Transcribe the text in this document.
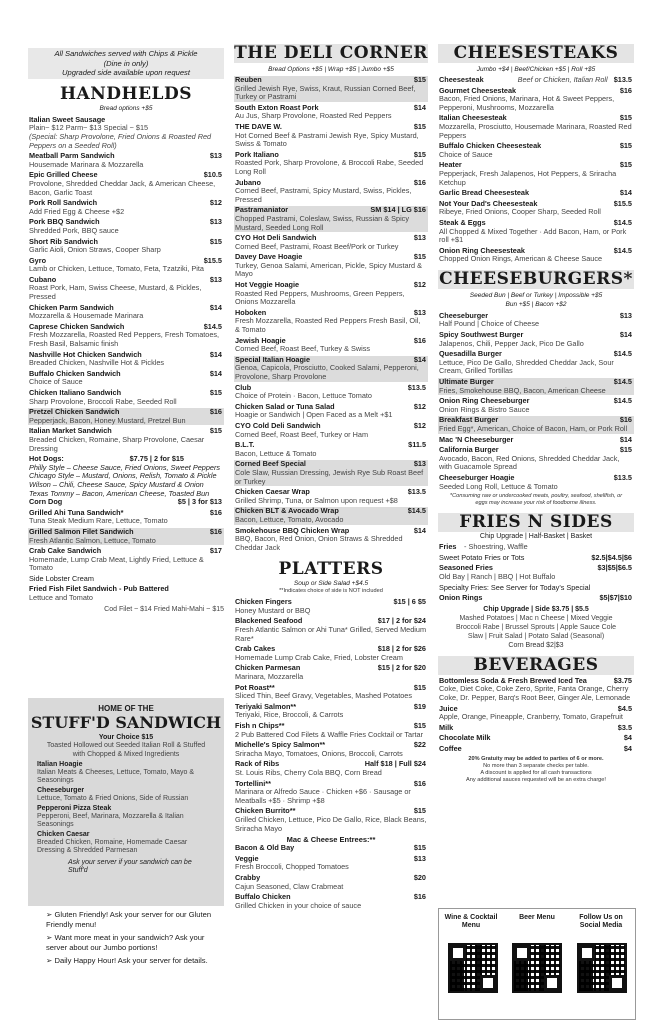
All Sandwiches served with Chips & Pickle
(Dine in only)
Upgraded side available upon request
HANDHELDS
Bread options +$5
Italian Sweet Sausage
Plain~ $12 Parm~ $13 Special ~ $15
(Special: Sharp Provolone, Fried Onions & Roasted Red Peppers on a Seeded Roll)
Meatball Parm Sandwich	$13
Housemade Marinara & Mozzarella
Epic Grilled Cheese	$10.5
Provolone, Shredded Cheddar Jack, & American Cheese, Bacon, Garlic Toast
Pork Roll Sandwich	$12
Add Fried Egg & Cheese +$2
Pork BBQ Sandwich	$13
Shredded Pork, BBQ sauce
Short Rib Sandwich	$15
Garlic Aioli, Onion Straws, Cooper Sharp
Gyro	$15.5
Lamb or Chicken, Lettuce, Tomato, Feta, Tzatziki, Pita
Cubano	$13
Roast Pork, Ham, Swiss Cheese, Mustard, & Pickles, Pressed
Chicken Parm Sandwich	$14
Mozzarella & Housemade Marinara
Caprese Chicken Sandwich	$14.5
Fresh Mozzarella, Roasted Red Peppers, Fresh Tomatoes, Fresh Basil, Balsamic finish
Nashville Hot Chicken Sandwich	$14
Breaded Chicken, Nashville Hot & Pickles
Buffalo Chicken Sandwich	$14
Choice of Sauce
Chicken Italiano Sandwich	$15
Sharp Provolone, Broccoli Rabe, Seeded Roll
Pretzel Chicken Sandwich	$16
Pepperjack, Bacon, Honey Mustard, Pretzel Bun
Italian Market Sandwich	$15
Breaded Chicken, Romaine, Sharp Provolone, Caesar Dressing
Hot Dogs:	$7.75 | 2 for $15
Philly Style – Cheese Sauce, Fried Onions, Sweet Peppers
Chicago Style – Mustard, Onions, Relish, Tomato & Pickle
Wilson – Chili, Cheese Sauce, Spicy Mustard & Onion
Texas Tommy – Bacon, American Cheese, Toasted Bun
Corn Dog	$5 | 3 for $13
Grilled Ahi Tuna Sandwich*	$16
Tuna Steak Medium Rare, Lettuce, Tomato
Grilled Salmon Filet Sandwich	$16
Fresh Atlantic Salmon, Lettuce, Tomato
Crab Cake Sandwich	$17
Homemade, Lump Crab Meat, Lightly Fried, Lettuce & Tomato
Side Lobster Cream
Fried Fish Filet Sandwich - Pub Battered
Lettuce and Tomato
Cod Filet ~ $14 Fried Mahi-Mahi ~ $15
HOME OF THE
STUFF'D SANDWICH
Your Choice $15
Toasted Hollowed out Seeded Italian Roll & Stuffed with Chopped & Mixed Ingredients
Italian Hoagie
Italian Meats & Cheeses, Lettuce, Tomato, Mayo & Seasonings
Cheeseburger
Lettuce, Tomato & Fried Onions, Side of Russian
Pepperoni Pizza Steak
Pepperoni, Beef, Marinara, Mozzarella & Italian Seasonings
Chicken Caesar
Breaded Chicken, Romaine, Homemade Caesar Dressing & Shredded Parmesan
Ask your server if your sandwich can be Stuff'd
➢ Gluten Friendly! Ask your server for our Gluten Friendly menu!
➢ Want more meat in your sandwich? Ask your server about our Jumbo portions!
➢ Daily Happy Hour! Ask your server for details.
THE DELI CORNER
Bread Options +$5 | Wrap +$5 | Jumbo +$5
Reuben	$15
Grilled Jewish Rye, Swiss, Kraut, Russian Corned Beef, Turkey or Pastrami
South Exton Roast Pork	$14
Au Jus, Sharp Provolone, Roasted Red Peppers
THE DAVE W.	$15
Hot Corned Beef & Pastrami Jewish Rye, Spicy Mustard, Swiss & Tomato
Pork Italiano	$15
Roasted Pork, Sharp Provolone, & Broccoli Rabe, Seeded Long Roll
Jubano	$16
Corned Beef, Pastrami, Spicy Mustard, Swiss, Pickles, Pressed
Pastramaniator	SM $14 | LG $16
Chopped Pastrami, Coleslaw, Swiss, Russian & Spicy Mustard, Seeded Long Roll
CYO Hot Deli Sandwich	$13
Corned Beef, Pastrami, Roast Beef/Pork or Turkey
Davey Dave Hoagie	$15
Turkey, Genoa Salami, American, Pickle, Spicy Mustard & Mayo
Hot Veggie Hoagie	$12
Roasted Red Peppers, Mushrooms, Green Peppers, Onions Mozzarella
Hoboken	$13
Fresh Mozzarella, Roasted Red Peppers Fresh Basil, Oil, & Tomato
Jewish Hoagie	$16
Corned Beef, Roast Beef, Turkey & Swiss
Special Italian Hoagie	$14
Genoa, Capicola, Prosciutto, Cooked Salami, Pepperoni, Provolone, Sharp Provolone
Club	$13.5
Choice of Protein · Bacon, Lettuce Tomato
Chicken Salad or Tuna Salad	$12
Hoagie or Sandwich | Open Faced as a Melt +$1
CYO Cold Deli Sandwich	$12
Corned Beef, Roast Beef, Turkey or Ham
B.L.T.	$11.5
Bacon, Lettuce & Tomato
Corned Beef Special	$13
Cole Slaw, Russian Dressing, Jewish Rye Sub Roast Beef or Turkey
Chicken Caesar Wrap	$13.5
Grilled Shrimp, Tuna, or Salmon upon request +$8
Chicken BLT & Avocado Wrap	$14.5
Bacon, Lettuce, Tomato, Avocado
Smokehouse BBQ Chicken Wrap	$14
BBQ, Bacon, Red Onion, Onion Straws & Shredded Cheddar Jack
PLATTERS
Soup or Side Salad +$4.5
**Indicates choice of side is NOT included
Chicken Fingers	$15 | 6 $5
Honey Mustard or BBQ
Blackened Seafood	$17 | 2 for $24
Fresh Atlantic Salmon or Ahi Tuna* Grilled, Served Medium Rare*
Crab Cakes	$18 | 2 for $26
Homemade Lump Crab Cake, Fried, Lobster Cream
Chicken Parmesan	$15 | 2 for $20
Marinara, Mozzarella
Pot Roast**	$15
Sliced Thin, Beef Gravy, Vegetables, Mashed Potatoes
Teriyaki Salmon**	$19
Teriyaki, Rice, Broccoli, & Carrots
Fish n Chips**	$15
2 Pub Battered Cod Filets & Waffle Fries Cocktail or Tartar
Michelle's Spicy Salmon**	$22
Sriracha Mayo, Tomatoes, Onions, Broccoli, Carrots
Rack of Ribs	Half $18 | Full $24
St. Louis Ribs, Cherry Cola BBQ, Corn Bread
Tortellini**	$16
Marinara or Alfredo Sauce · Chicken +$6 · Sausage or Meatballs +$5 · Shrimp +$8
Chicken Burrito**	$15
Grilled Chicken, Lettuce, Pico De Gallo, Rice, Black Beans, Sriracha Mayo
Mac & Cheese Entrees:**
Bacon & Old Bay	$15
Veggie	$13
Fresh Broccoli, Chopped Tomatoes
Crabby	$20
Cajun Seasoned, Claw Crabmeat
Buffalo Chicken	$16
Grilled Chicken in your choice of sauce
CHEESESTEAKS
Jumbo +$4 | Beef/Chicken +$5 | Roll +$5
Cheesesteak	$13.5
Beef or Chicken, Italian Roll
Gourmet Cheesesteak	$16
Bacon, Fried Onions, Marinara, Hot & Sweet Peppers, Pepperoni, Mushrooms, Mozzarella
Italian Cheesesteak	$15
Mozzarella, Prosciutto, Housemade Marinara, Roasted Red Peppers
Buffalo Chicken Cheesesteak	$15
Choice of Sauce
Heater	$15
Pepperjack, Fresh Jalapenos, Hot Peppers, & Sriracha Ketchup
Garlic Bread Cheesesteak	$14
Not Your Dad's Cheesesteak	$15.5
Ribeye, Fried Onions, Cooper Sharp, Seeded Roll
Steak & Eggs	$14.5
All Chopped & Mixed Together · Add Bacon, Ham, or Pork roll +$1
Onion Ring Cheesesteak	$14.5
Chopped Onion Rings, American & Cheese Sauce
CHEESEBURGERS*
Seeded Bun | Beef or Turkey | Impossible +$5
Bun +$5 | Bacon +$2
Cheeseburger	$13
Half Pound | Choice of Cheese
Spicy Southwest Burger	$14
Jalapenos, Chili, Pepper Jack, Pico De Gallo
Quesadilla Burger	$14.5
Lettuce, Pico De Gallo, Shredded Cheddar Jack, Sour Cream, Grilled Tortillas
Ultimate Burger	$14.5
Fries, Smokehouse BBQ, Bacon, American Cheese
Onion Ring Cheeseburger	$14.5
Onion Rings & Bistro Sauce
Breakfast Burger	$16
Fried Egg*, American, Choice of Bacon, Ham, or Pork Roll
Mac 'N Cheeseburger	$14
California Burger	$15
Avocado, Bacon, Red Onions, Shredded Cheddar Jack, with Guacamole Spread
Cheeseburger Hoagie	$13.5
Seeded Long Roll, Lettuce & Tomato
*Consuming raw or undercooked meats, poultry, seafood, shellfish, or eggs may increase your risk of foodborne illness.
FRIES N SIDES
Chip Upgrade | Half-Basket | Basket
Fries	- Shoestring, Waffle
Sweet Potato Fries or Tots	$2.5|$4.5|$6
Seasoned Fries	$3|$5|$6.5
Old Bay | Ranch | BBQ | Hot Buffalo
Specialty Fries: See Server for Today's Special
Onion Rings	$5|$7|$10
Chip Upgrade | Side $3.75 | $5.5
Mashed Potatoes | Mac n Cheese | Mixed Veggie Broccoli Rabe | Brussel Sprouts | Apple Sauce Cole Slaw | Fruit Salad | Potato Salad (Seasonal)
Corn Bread $2|$3
BEVERAGES
Bottomless Soda & Fresh Brewed Iced Tea	$3.75
Coke, Diet Coke, Coke Zero, Sprite, Fanta Orange, Cherry Coke, Dr. Pepper, Barq's Root Beer, Ginger Ale, Lemonade
Juice	$4.5
Apple, Orange, Pineapple, Cranberry, Tomato, Grapefruit
Milk	$3.5
Chocolate Milk	$4
Coffee	$4
20% Gratuity may be added to parties of 6 or more.
No more than 3 separate checks per table.
A discount is applied for all cash transactions
Any additional sauces requested will be an extra charge!
Wine & Cocktail Menu
Beer Menu	Follow Us on Social Media
